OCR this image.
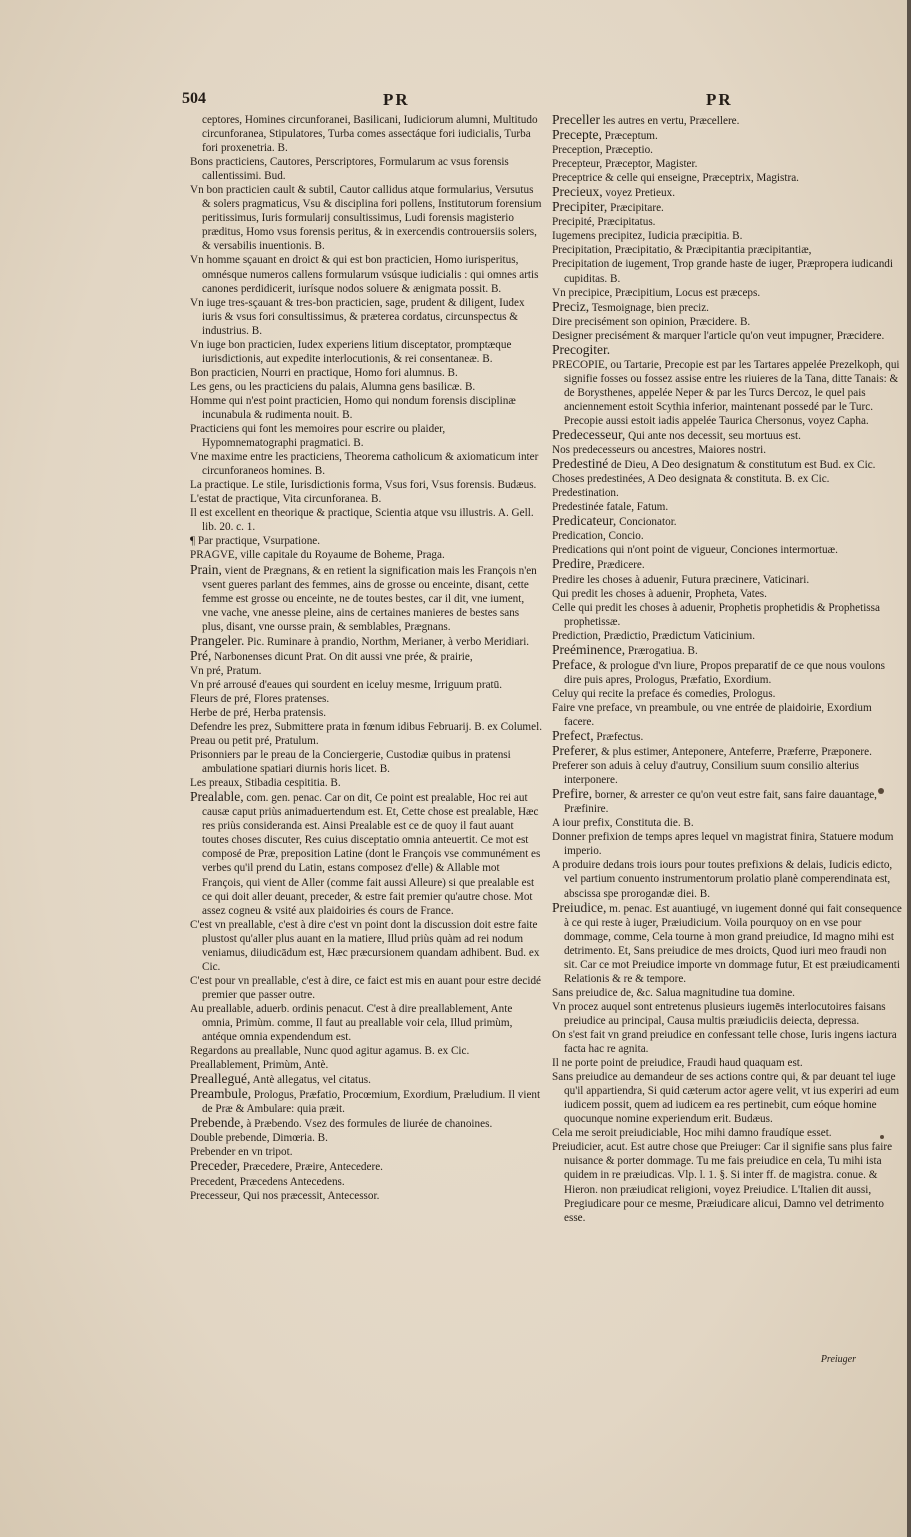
504	PR	PR

ceptores, Homines circunforanei, Basilicani, Iudiciorum alumni, Multitudo circunforanea, Stipulatores, Turba comes assectáque fori iudicialis, Turba fori proxenetria. B.

Bons practiciens, Cautores, Perscriptores, Formularum ac vsus forensis callentissimi. Bud.

Vn bon practicien cault & subtil, Cautor callidus atque formularius, Versutus & solers pragmaticus, Vsu & disciplina fori pollens, Institutorum forensium peritissimus, Iuris formularij consultissimus, Ludi forensis magisterio præditus, Homo vsus forensis peritus, & in exercendis controuersiis solers, & versabilis inuentionis. B.

Vn homme sçauant en droict & qui est bon practicien, Homo iurisperitus, omnésque numeros callens formularum vsúsque iudicialis : qui omnes artis canones perdidicerit, iurísque nodos soluere & ænigmata possit. B.

Vn iuge tres-sçauant & tres-bon practicien, sage, prudent & diligent, Iudex iuris & vsus fori consultissimus, & præterea cordatus, circunspectus & industrius. B.

Vn iuge bon practicien, Iudex experiens litium disceptator, promptæque iurisdictionis, aut expedite interlocutionis, & rei consentaneæ. B.

Bon practicien, Nourri en practique, Homo fori alumnus. B.

Les gens, ou les practiciens du palais, Alumna gens basilicæ. B.

Homme qui n'est point practicien, Homo qui nondum forensis disciplinæ incunabula & rudimenta nouit. B.

Practiciens qui font les memoires pour escrire ou plaider, Hypomnematographi pragmatici. B.

Vne maxime entre les practiciens, Theorema catholicum & axiomaticum inter circunforaneos homines. B.

La practique. Le stile, Iurisdictionis forma, Vsus fori, Vsus forensis. Budæus.

L'estat de practique, Vita circunforanea. B.

Il est excellent en theorique & practique, Scientia atque vsu illustris. A. Gell. lib. 20. c. 1.

¶ Par practique, Vsurpatione.

PRAGVE, ville capitale du Royaume de Boheme, Praga.

Prain, vient de Prægnans, & en retient la signification mais les François n'en vsent gueres parlant des femmes, ains de grosse ou enceinte, disant, cette femme est grosse ou enceinte, ne de toutes bestes, car il dit, vne iument, vne vache, vne anesse pleine, ains de certaines manieres de bestes sans plus, disant, vne oursse prain, & semblables, Prægnans.

Prangeler. Pic. Ruminare à prandio, Northm, Merianer, à verbo Meridiari.

Pré, Narbonenses dicunt Prat. On dit aussi vne prée, & prairie,

Vn pré, Pratum.

Vn pré arrousé d'eaues qui sourdent en iceluy mesme, Irriguum pratū.

Fleurs de pré, Flores pratenses.

Herbe de pré, Herba pratensis.

Defendre les prez, Submittere prata in fœnum idibus Februarij. B. ex Columel.

Preau ou petit pré, Pratulum.

Prisonniers par le preau de la Conciergerie, Custodiæ quibus in pratensi ambulatione spatiari diurnis horis licet. B.

Les preaux, Stibadia cespititia. B.

Prealable, com. gen. penac. Car on dit, Ce point est prealable, Hoc rei aut causæ caput priùs animaduertendum est. Et, Cette chose est prealable, Hæc res priùs consideranda est. Ainsi Prealable est ce de quoy il faut auant toutes choses discuter, Res cuius disceptatio omnia anteuertit. Ce mot est composé de Præ, preposition Latine (dont le François vse communément es verbes qu'il prend du Latin, estans composez d'elle) & Allable mot François, qui vient de Aller (comme fait aussi Alleure) si que prealable est ce qui doit aller deuant, preceder, & estre fait premier qu'autre chose. Mot assez cogneu & vsité aux plaidoiries és cours de France.

C'est vn preallable, c'est à dire c'est vn point dont la discussion doit estre faite plustost qu'aller plus auant en la matiere, Illud priùs quàm ad rei nodum veniamus, diiudicādum est, Hæc præcursionem quandam adhibent. Bud. ex Cic.

C'est pour vn preallable, c'est à dire, ce faict est mis en auant pour estre decidé premier que passer outre.

Au preallable, aduerb. ordinis penacut. C'est à dire preallablement, Ante omnia, Primùm. comme, Il faut au preallable voir cela, Illud primùm, antéque omnia expendendum est.

Regardons au preallable, Nunc quod agitur agamus. B. ex Cic.

Preallablement, Primùm, Antè.

Preallegué, Antè allegatus, vel citatus.

Preambule, Prologus, Præfatio, Procœmium, Exordium, Præludium. Il vient de Præ & Ambulare: quia præit.

Prebende, à Præbendo. Vsez des formules de liurée de chanoines.

Double prebende, Dimœria. B.

Prebender en vn tripot.

Preceder, Præcedere, Præire, Antecedere.

Precedent, Præcedens Antecedens.

Precesseur, Qui nos præcessit, Antecessor.

Preceller les autres en vertu, Præcellere.

Precepte, Præceptum.

Preception, Præceptio.

Precepteur, Præceptor, Magister.

Preceptrice & celle qui enseigne, Præceptrix, Magistra.

Precieux, voyez Pretieux.

Precipiter, Præcipitare.

Precipité, Præcipitatus.

Iugemens precipitez, Iudicia præcipitia. B.

Precipitation, Præcipitatio, & Præcipitantia præcipitantiæ,

Precipitation de iugement, Trop grande haste de iuger, Præpropera iudicandi cupiditas. B.

Vn precipice, Præcipitium, Locus est præceps.

Preciz, Tesmoignage, bien preciz.

Dire precisément son opinion, Præcidere. B.

Designer precisément & marquer l'article qu'on veut impugner, Præcidere.

Precogiter.

PRECOPIE, ou Tartarie, Precopie est par les Tartares appelée Prezelkoph, qui signifie fosses ou fossez assise entre les riuieres de la Tana, ditte Tanais: & de Borysthenes, appelée Neper & par les Turcs Dercoz, le quel pais anciennement estoit Scythia inferior, maintenant possedé par le Turc. Precopie aussi estoit iadis appelée Taurica Chersonus, voyez Capha.

Predecesseur, Qui ante nos decessit, seu mortuus est.

Nos predecesseurs ou ancestres, Maiores nostri.

Predestiné de Dieu, A Deo designatum & constitutum est Bud. ex Cic.

Choses predestinées, A Deo designata & constituta. B. ex Cic.

Predestination.

Predestinée fatale, Fatum.

Predicateur, Concionator.

Predication, Concio.

Predications qui n'ont point de vigueur, Conciones intermortuæ.

Predire, Prædicere.

Predire les choses à aduenir, Futura præcinere, Vaticinari.

Qui predit les choses à aduenir, Propheta, Vates.

Celle qui predit les choses à aduenir, Prophetis prophetidis & Prophetissa prophetissæ.

Prediction, Prædictio, Prædictum Vaticinium.

Preéminence, Prærogatiua. B.

Preface, & prologue d'vn liure, Propos preparatif de ce que nous voulons dire puis apres, Prologus, Præfatio, Exordium.

Celuy qui recite la preface és comedies, Prologus.

Faire vne preface, vn preambule, ou vne entrée de plaidoirie, Exordium facere.

Prefect, Præfectus.

Preferer, & plus estimer, Anteponere, Anteferre, Præferre, Præponere.

Preferer son aduis à celuy d'autruy, Consilium suum consilio alterius interponere.

Prefire, borner, & arrester ce qu'on veut estre fait, sans faire dauantage, Præfinire.

A iour prefix, Constituta die. B.

Donner prefixion de temps apres lequel vn magistrat finira, Statuere modum imperio.

A produire dedans trois iours pour toutes prefixions & delais, Iudicis edicto, vel partium conuento instrumentorum prolatio planè comperendinata est, abscissa spe prorogandæ diei. B.

Preiudice, m. penac. Est auantiugé, vn iugement donné qui fait consequence à ce qui reste à iuger, Præiudicium. Voila pourquoy on en vse pour dommage, comme, Cela tourne à mon grand preiudice, Id magno mihi est detrimento. Et, Sans preiudice de mes droicts, Quod iuri meo fraudi non sit. Car ce mot Preiudice importe vn dommage futur, Et est præiudicamenti Relationis & re & tempore.

Sans preiudice de, &c. Salua magnitudine tua domine.

Vn procez auquel sont entretenus plusieurs iugemēs interlocutoires faisans preiudice au principal, Causa multis præiudiciis deiecta, depressa.

On s'est fait vn grand preiudice en confessant telle chose, Iuris ingens iactura facta hac re agnita.

Il ne porte point de preiudice, Fraudi haud quaquam est.

Sans preiudice au demandeur de ses actions contre qui, & par deuant tel iuge qu'il appartiendra, Si quid cæterum actor agere velit, vt ius experiri ad eum iudicem possit, quem ad iudicem ea res pertinebit, cum eóque homine quocunque nomine experiendum erit. Budæus.

Cela me seroit preiudiciable, Hoc mihi damno fraudíque esset.

Preiudicier, acut. Est autre chose que Preiuger: Car il signifie sans plus faire nuisance & porter dommage. Tu me fais preiudice en cela, Tu mihi ista quidem in re præiudicas. Vlp. l. 1. §. Si inter ff. de magistra. conue. & Hieron. non præiudicat religioni, voyez Preiudice. L'Italien dit aussi, Pregiudicare pour ce mesme, Præiudicare alicui, Damno vel detrimento esse.

Preiuger
